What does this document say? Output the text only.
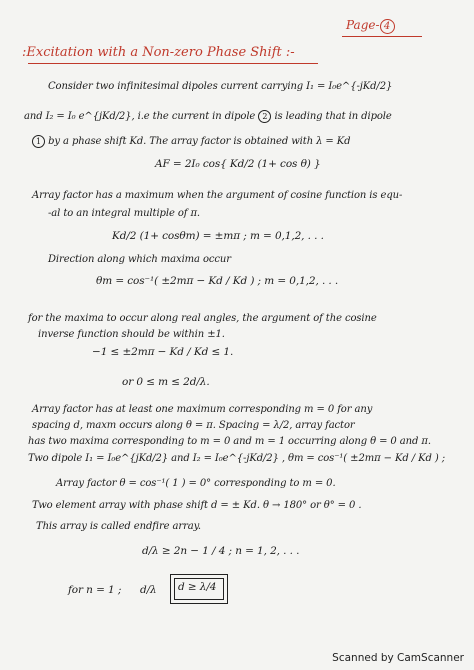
Page- 4
:Excitation with a Non-zero Phase Shift :-
Consider two infinitesimal dipoles current carrying I₁ = I₀e^{-jKd/2}
and I₂ = I₀ e^{jKd/2}, i.e the current in dipole 2 is leading that in dipole
1 by a phase shift Kd. The array factor is obtained with λ = Kd
AF = 2I₀ cos{ Kd/2 (1+ cos θ) }
Array factor has a maximum when the argument of cosine function is equ-
-al to an integral multiple of π.
Kd/2 (1+ cosθm) = ±mπ ; m = 0,1,2, . . .
Direction along which maxima occur
θm = cos⁻¹( ±2mπ − Kd / Kd ) ; m = 0,1,2, . . .
for the maxima to occur along real angles, the argument of the cosine
inverse function should be within ±1.
−1 ≤ ±2mπ − Kd / Kd ≤ 1.
or 0 ≤ m ≤ 2d/λ.
Array factor has at least one maximum corresponding m = 0 for any
spacing d, maxm occurs along θ = π. Spacing = λ/2, array factor
has two maxima corresponding to m = 0 and m = 1 occurring along θ = 0 and π.
Two dipole I₁ = I₀e^{jKd/2} and I₂ = I₀e^{-jKd/2} , θm = cos⁻¹( ±2mπ − Kd / Kd ) ;
Array factor θ = cos⁻¹( 1 ) = 0° corresponding to m = 0.
Two element array with phase shift d = ± Kd. θ → 180° or θ° = 0 .
This array is called endfire array.
d/λ ≥ 2n − 1 / 4 ; n = 1, 2, . . .
for n = 1 ; d/λ d ≥ λ/4
Scanned by CamScanner
